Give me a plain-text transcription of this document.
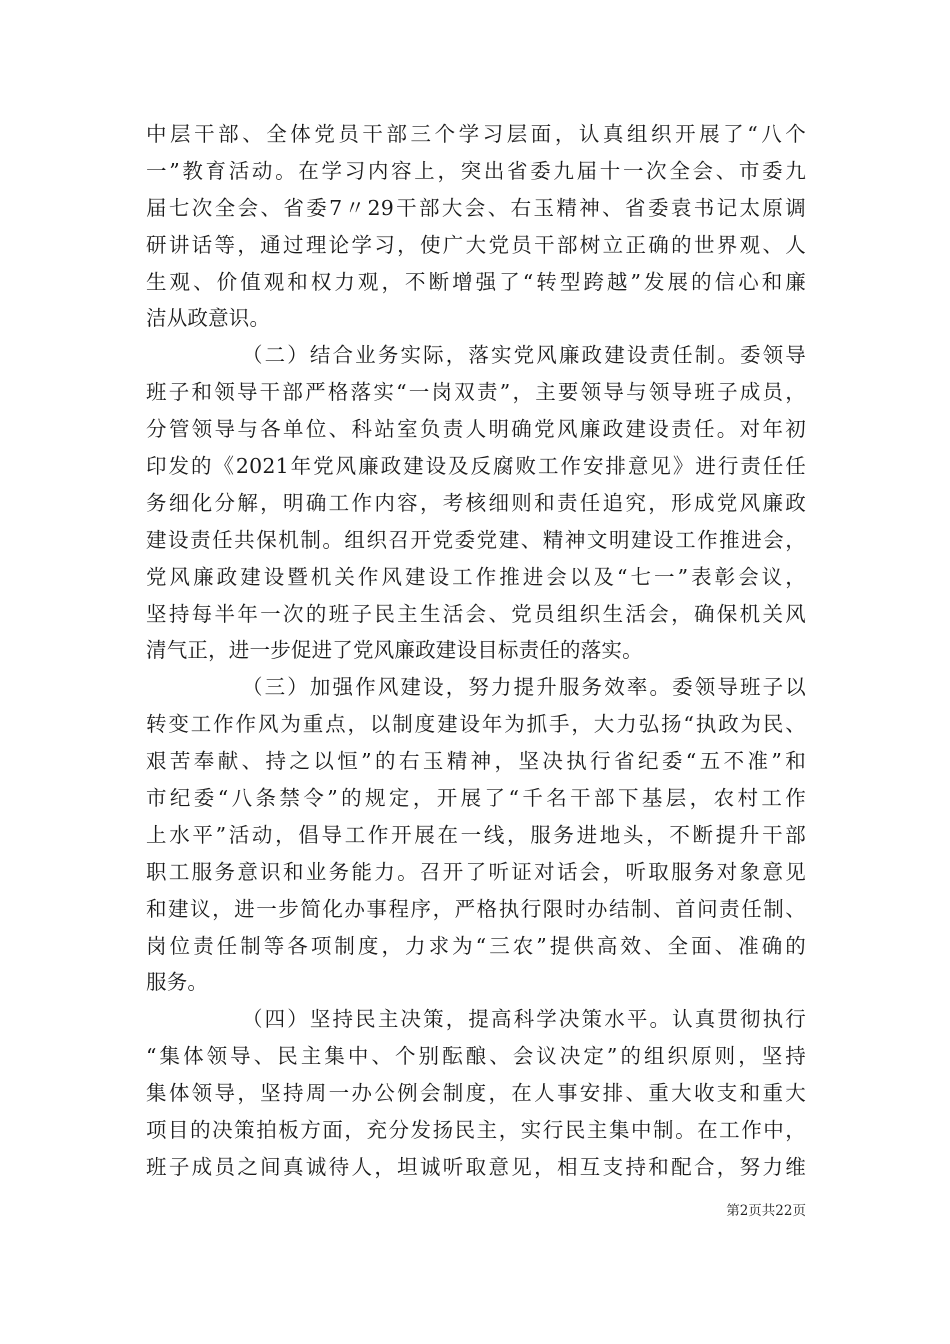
中层干部、全体党员干部三个学习层面，认真组织开展了“八个
一”教育活动。在学习内容上，突出省委九届十一次全会、市委九
届七次全会、省委7〃29干部大会、右玉精神、省委袁书记太原调
研讲话等，通过理论学习，使广大党员干部树立正确的世界观、人
生观、价值观和权力观，不断增强了“转型跨越”发展的信心和廉
洁从政意识。
（二）结合业务实际，落实党风廉政建设责任制。委领导
班子和领导干部严格落实“一岗双责”，主要领导与领导班子成员，
分管领导与各单位、科站室负责人明确党风廉政建设责任。对年初
印发的《2021年党风廉政建设及反腐败工作安排意见》进行责任任
务细化分解，明确工作内容，考核细则和责任追究，形成党风廉政
建设责任共保机制。组织召开党委党建、精神文明建设工作推进会，
党风廉政建设暨机关作风建设工作推进会以及“七一”表彰会议，
坚持每半年一次的班子民主生活会、党员组织生活会，确保机关风
清气正，进一步促进了党风廉政建设目标责任的落实。
（三）加强作风建设，努力提升服务效率。委领导班子以
转变工作作风为重点，以制度建设年为抓手，大力弘扬“执政为民、
艰苦奉献、持之以恒”的右玉精神，坚决执行省纪委“五不准”和
市纪委“八条禁令”的规定，开展了“千名干部下基层，农村工作
上水平”活动，倡导工作开展在一线，服务进地头，不断提升干部
职工服务意识和业务能力。召开了听证对话会，听取服务对象意见
和建议，进一步简化办事程序，严格执行限时办结制、首问责任制、
岗位责任制等各项制度，力求为“三农”提供高效、全面、准确的
服务。
（四）坚持民主决策，提高科学决策水平。认真贯彻执行
“集体领导、民主集中、个别酝酿、会议决定”的组织原则，坚持
集体领导，坚持周一办公例会制度，在人事安排、重大收支和重大
项目的决策拍板方面，充分发扬民主，实行民主集中制。在工作中，
班子成员之间真诚待人，坦诚听取意见，相互支持和配合，努力维
第2页共22页
